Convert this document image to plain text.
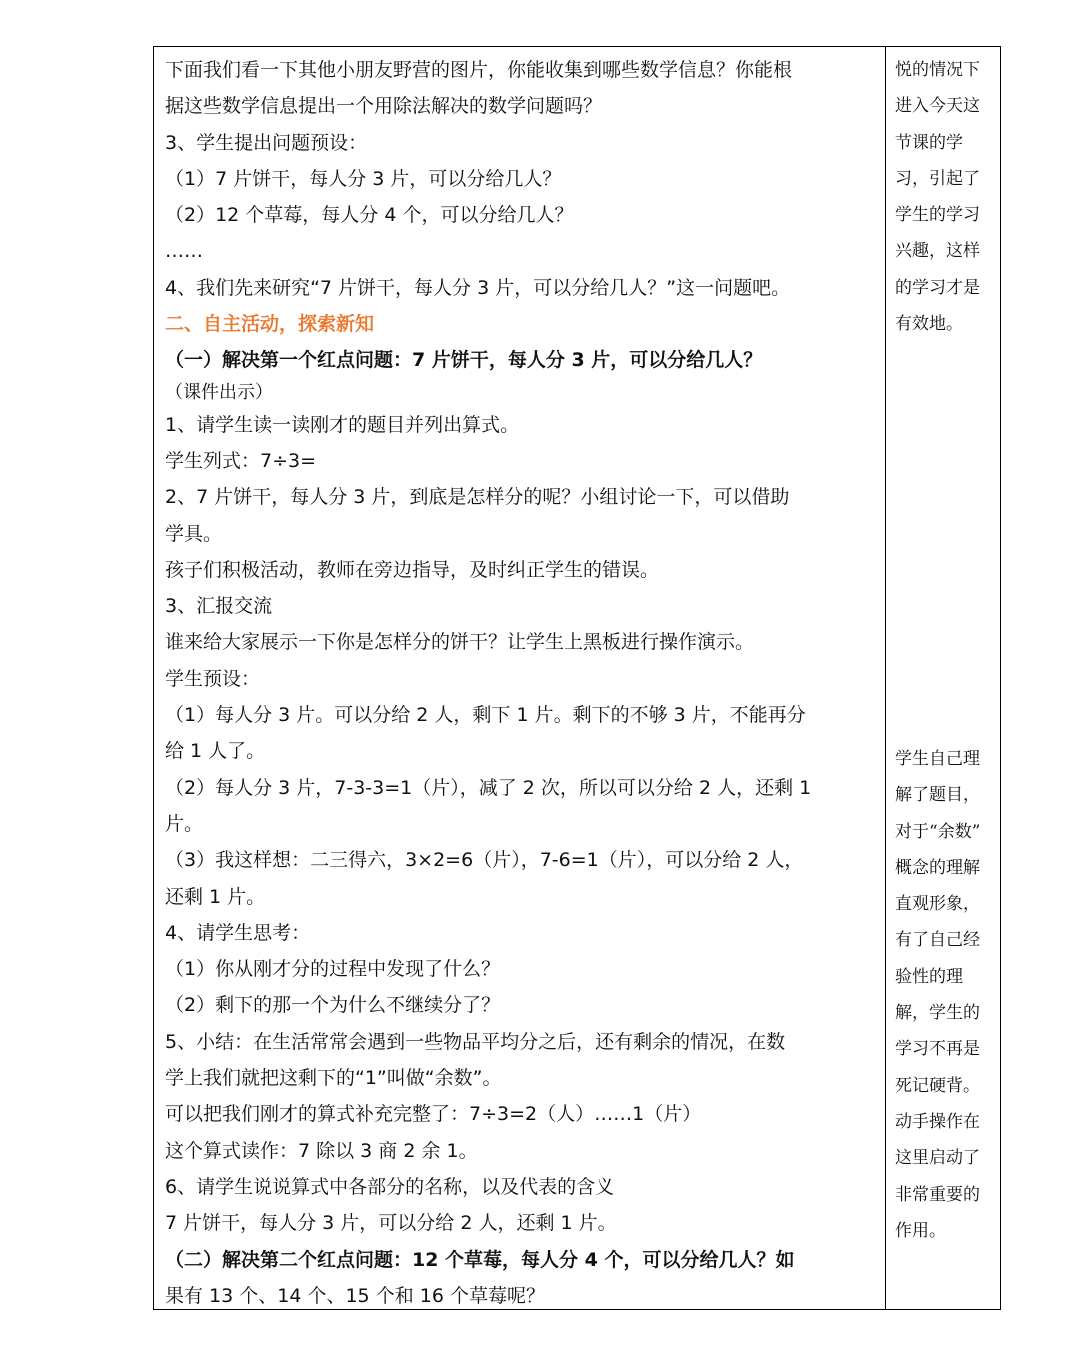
下面我们看一下其他小朋友野营的图片，你能收集到哪些数学信息？你能根
据这些数学信息提出一个用除法解决的数学问题吗？
3、学生提出问题预设：
（1）7 片饼干，每人分 3 片，可以分给几人？
（2）12 个草莓，每人分 4 个，可以分给几人？
……
4、我们先来研究“7 片饼干，每人分 3 片，可以分给几人？”这一问题吧。
二、自主活动，探索新知
（一）解决第一个红点问题：7 片饼干，每人分 3 片，可以分给几人？
（课件出示）
1、请学生读一读刚才的题目并列出算式。
学生列式：7÷3=
2、7 片饼干，每人分 3 片，到底是怎样分的呢？小组讨论一下，可以借助
学具。
孩子们积极活动，教师在旁边指导，及时纠正学生的错误。
3、汇报交流
谁来给大家展示一下你是怎样分的饼干？让学生上黑板进行操作演示。
学生预设：
（1）每人分 3 片。可以分给 2 人，剩下 1 片。剩下的不够 3 片，不能再分
给 1 人了。
（2）每人分 3 片，7-3-3=1（片），减了 2 次，所以可以分给 2 人，还剩 1
片。
（3）我这样想：二三得六，3×2=6（片），7-6=1（片），可以分给 2 人，
还剩 1 片。
4、请学生思考：
（1）你从刚才分的过程中发现了什么？
（2）剩下的那一个为什么不继续分了？
5、小结：在生活常常会遇到一些物品平均分之后，还有剩余的情况，在数
学上我们就把这剩下的“1”叫做“余数”。
可以把我们刚才的算式补充完整了：7÷3=2（人）……1（片）
这个算式读作：7 除以 3 商 2 余 1。
6、请学生说说算式中各部分的名称，以及代表的含义
7 片饼干，每人分 3 片，可以分给 2 人，还剩 1 片。
（二）解决第二个红点问题：12 个草莓，每人分 4 个，可以分给几人？如
果有 13 个、14 个、15 个和 16 个草莓呢？
悦的情况下
进入今天这
节课的学
习，引起了
学生的学习
兴趣，这样
的学习才是
有效地。
学生自己理
解了题目，
对于“余数”
概念的理解
直观形象，
有了自己经
验性的理
解，学生的
学习不再是
死记硬背。
动手操作在
这里启动了
非常重要的
作用。
